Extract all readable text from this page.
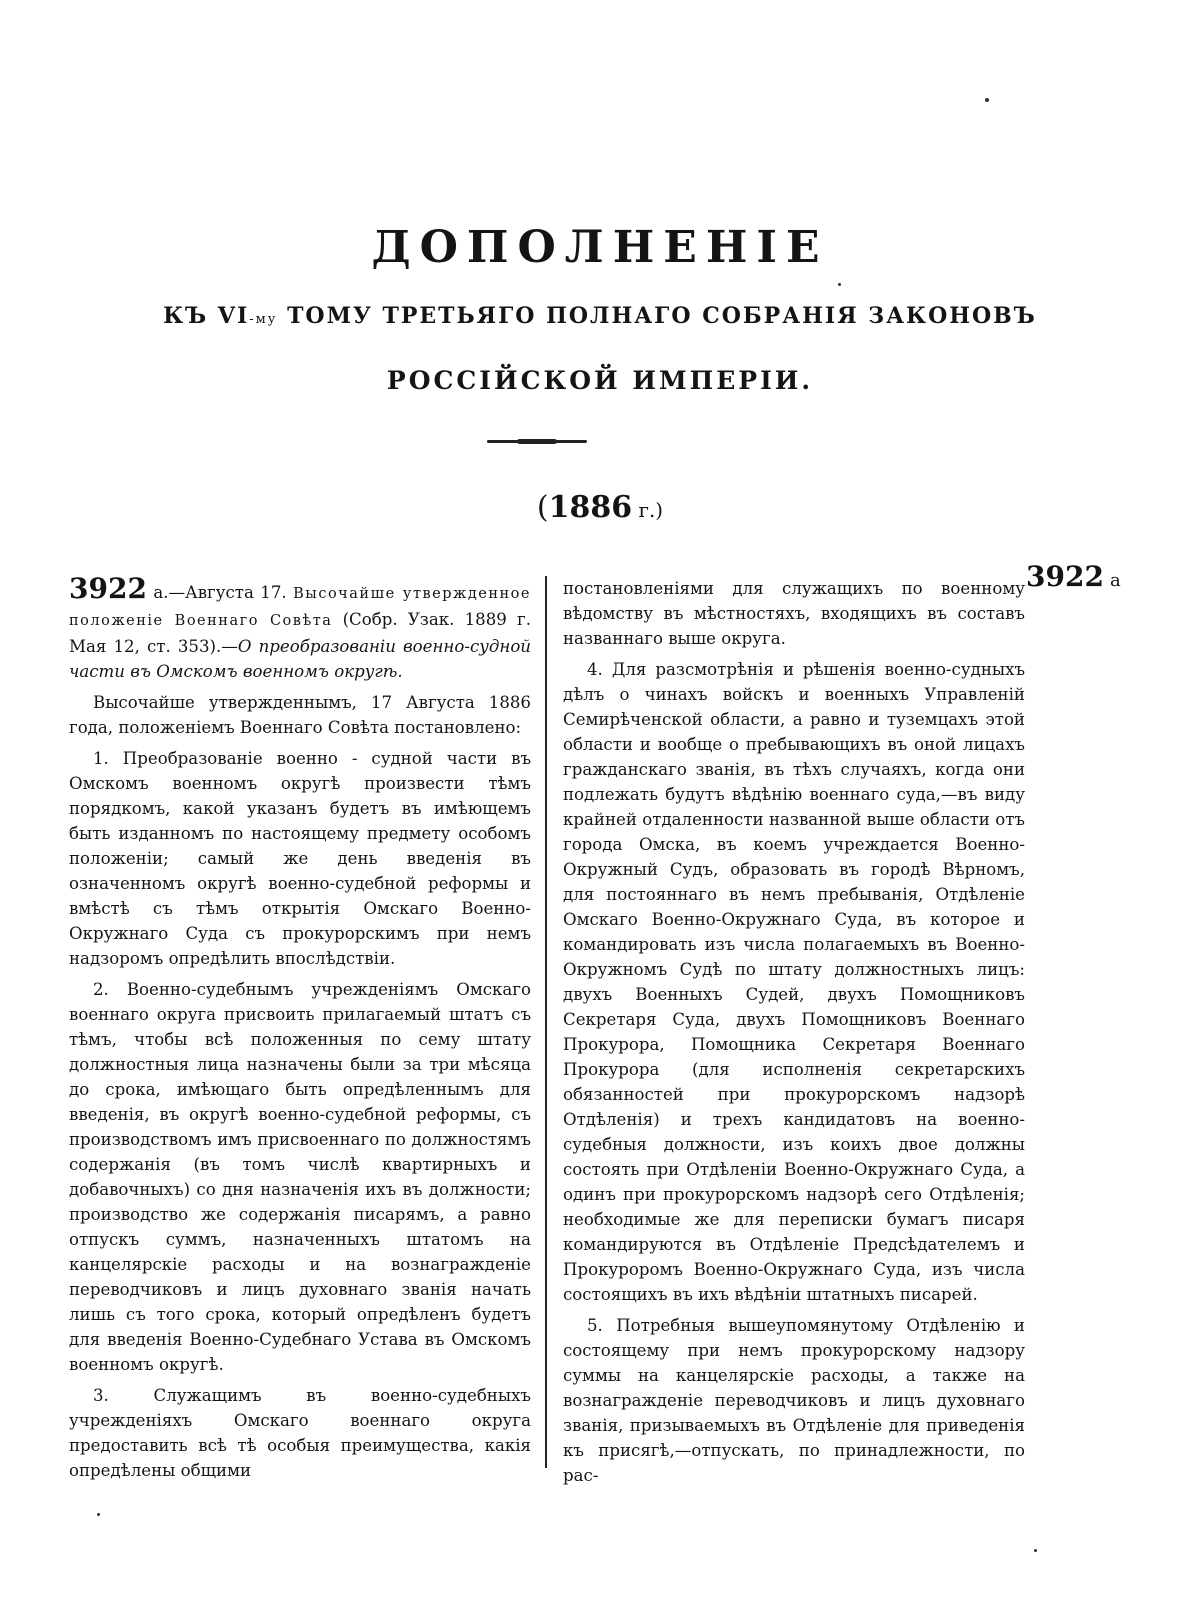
ДОПОЛНЕНІЕ
КЪ VI-му ТОМУ ТРЕТЬЯГО ПОЛНАГО СОБРАНІЯ ЗАКОНОВЪ
РОССІЙСКОЙ ИМПЕРІИ.
(1886 г.)

3922 а.—Августа 17. Высочайше утвержденное положеніе Военнаго Совѣта (Собр. Узак. 1889 г. Мая 12, ст. 353).—О преобразованіи военно-судной части въ Омскомъ военномъ округѣ.

Высочайше утвержденнымъ, 17 Августа 1886 года, положеніемъ Военнаго Совѣта постановлено:

1. Преобразованіе военно - судной части въ Омскомъ военномъ округѣ произвести тѣмъ порядкомъ, какой указанъ будетъ въ имѣющемъ быть изданномъ по настоящему предмету особомъ положеніи; самый же день введенія въ означенномъ округѣ военно-судебной реформы и вмѣстѣ съ тѣмъ открытія Омскаго Военно-Окружнаго Суда съ прокурорскимъ при немъ надзоромъ опредѣлить впослѣдствіи.

2. Военно-судебнымъ учрежденіямъ Омскаго военнаго округа присвоить прилагаемый штатъ съ тѣмъ, чтобы всѣ положенныя по сему штату должностныя лица назначены были за три мѣсяца до срока, имѣющаго быть опредѣленнымъ для введенія, въ округѣ военно-судебной реформы, съ производствомъ имъ присвоеннаго по должностямъ содержанія (въ томъ числѣ квартирныхъ и добавочныхъ) со дня назначенія ихъ въ должности; производство же содержанія писарямъ, а равно отпускъ суммъ, назначенныхъ штатомъ на канцелярскіе расходы и на вознагражденіе переводчиковъ и лицъ духовнаго званія начать лишь съ того срока, который опредѣленъ будетъ для введенія Военно-Судебнаго Устава въ Омскомъ военномъ округѣ.

3. Служащимъ въ военно-судебныхъ учрежденіяхъ Омскаго военнаго округа предоставить всѣ тѣ особыя преимущества, какія опредѣлены общими

постановленіями для служащихъ по военному вѣдомству въ мѣстностяхъ, входящихъ въ составъ названнаго выше округа.

4. Для разсмотрѣнія и рѣшенія военно-судныхъ дѣлъ о чинахъ войскъ и военныхъ Управленій Семирѣченской области, а равно и туземцахъ этой области и вообще о пребывающихъ въ оной лицахъ гражданскаго званія, въ тѣхъ случаяхъ, когда они подлежать будутъ вѣдѣнію военнаго суда,—въ виду крайней отдаленности названной выше области отъ города Омска, въ коемъ учреждается Военно-Окружный Судъ, образовать въ городѣ Вѣрномъ, для постояннаго въ немъ пребыванія, Отдѣленіе Омскаго Военно-Окружнаго Суда, въ которое и командировать изъ числа полагаемыхъ въ Военно-Окружномъ Судѣ по штату должностныхъ лицъ: двухъ Военныхъ Судей, двухъ Помощниковъ Секретаря Суда, двухъ Помощниковъ Военнаго Прокурора, Помощника Секретаря Военнаго Прокурора (для исполненія секретарскихъ обязанностей при прокурорскомъ надзорѣ Отдѣленія) и трехъ кандидатовъ на военно-судебныя должности, изъ коихъ двое должны состоять при Отдѣленіи Военно-Окружнаго Суда, а одинъ при прокурорскомъ надзорѣ сего Отдѣленія; необходимые же для переписки бумагъ писаря командируются въ Отдѣленіе Предсѣдателемъ и Прокуроромъ Военно-Окружнаго Суда, изъ числа состоящихъ въ ихъ вѣдѣніи штатныхъ писарей.

5. Потребныя вышеупомянутому Отдѣленію и состоящему при немъ прокурорскому надзору суммы на канцелярскіе расходы, а также на вознагражденіе переводчиковъ и лицъ духовнаго званія, призываемыхъ въ Отдѣленіе для приведенія къ присягѣ,—отпускать, по принадлежности, по рас-

3922 а
